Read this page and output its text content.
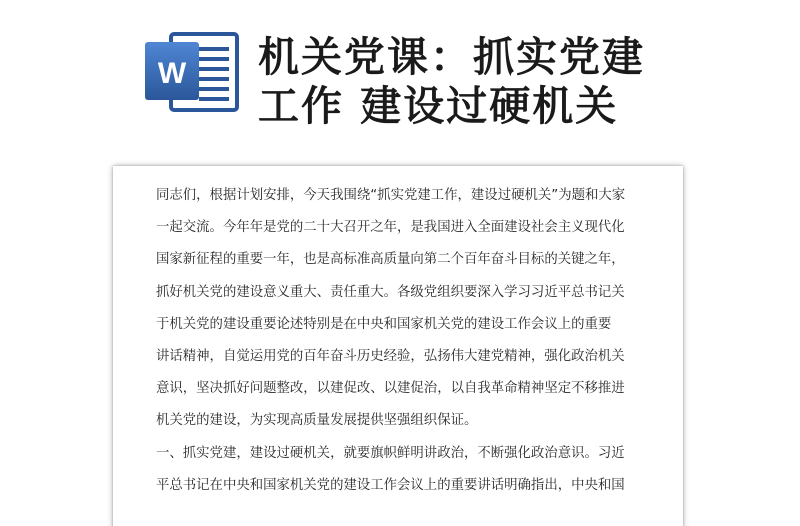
W 机关党课：抓实党建
工作 建设过硬机关
同志们，根据计划安排，今天我围绕“抓实党建工作，建设过硬机关”为题和大家
一起交流。今年年是党的二十大召开之年，是我国进入全面建设社会主义现代化
国家新征程的重要一年，也是高标准高质量向第二个百年奋斗目标的关键之年，
抓好机关党的建设意义重大、责任重大。各级党组织要深入学习习近平总书记关
于机关党的建设重要论述特别是在中央和国家机关党的建设工作会议上的重要
讲话精神，自觉运用党的百年奋斗历史经验，弘扬伟大建党精神，强化政治机关
意识，坚决抓好问题整改，以建促改、以建促治，以自我革命精神坚定不移推进
机关党的建设，为实现高质量发展提供坚强组织保证。
一、抓实党建，建设过硬机关，就要旗帜鲜明讲政治，不断强化政治意识。习近
平总书记在中央和国家机关党的建设工作会议上的重要讲话明确指出，中央和国
